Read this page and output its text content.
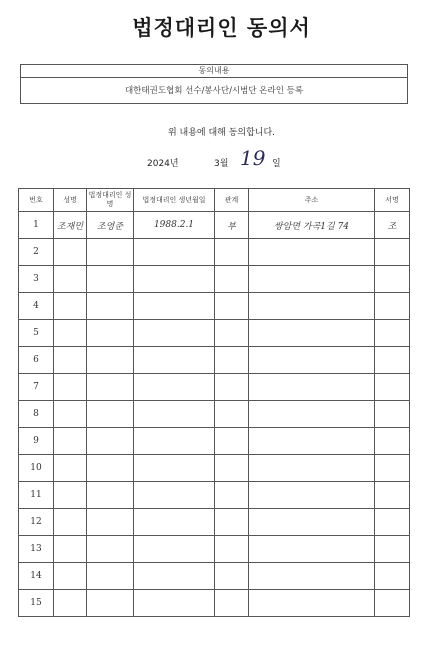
법정대리인 동의서
동의내용
대한태권도협회 선수/봉사단/시범단 온라인 등록
위 내용에 대해 동의합니다.
2024년	3월 19 일
번호	성명	법정대리인 성명	법정대리인 생년월일	관계	주소	서명
1	조재민	조영준	1988.2.1	부	쌍암면 가곡1길 74	조
2						
3						
4						
5						
6						
7						
8						
9						
10						
11						
12						
13						
14						
15						
